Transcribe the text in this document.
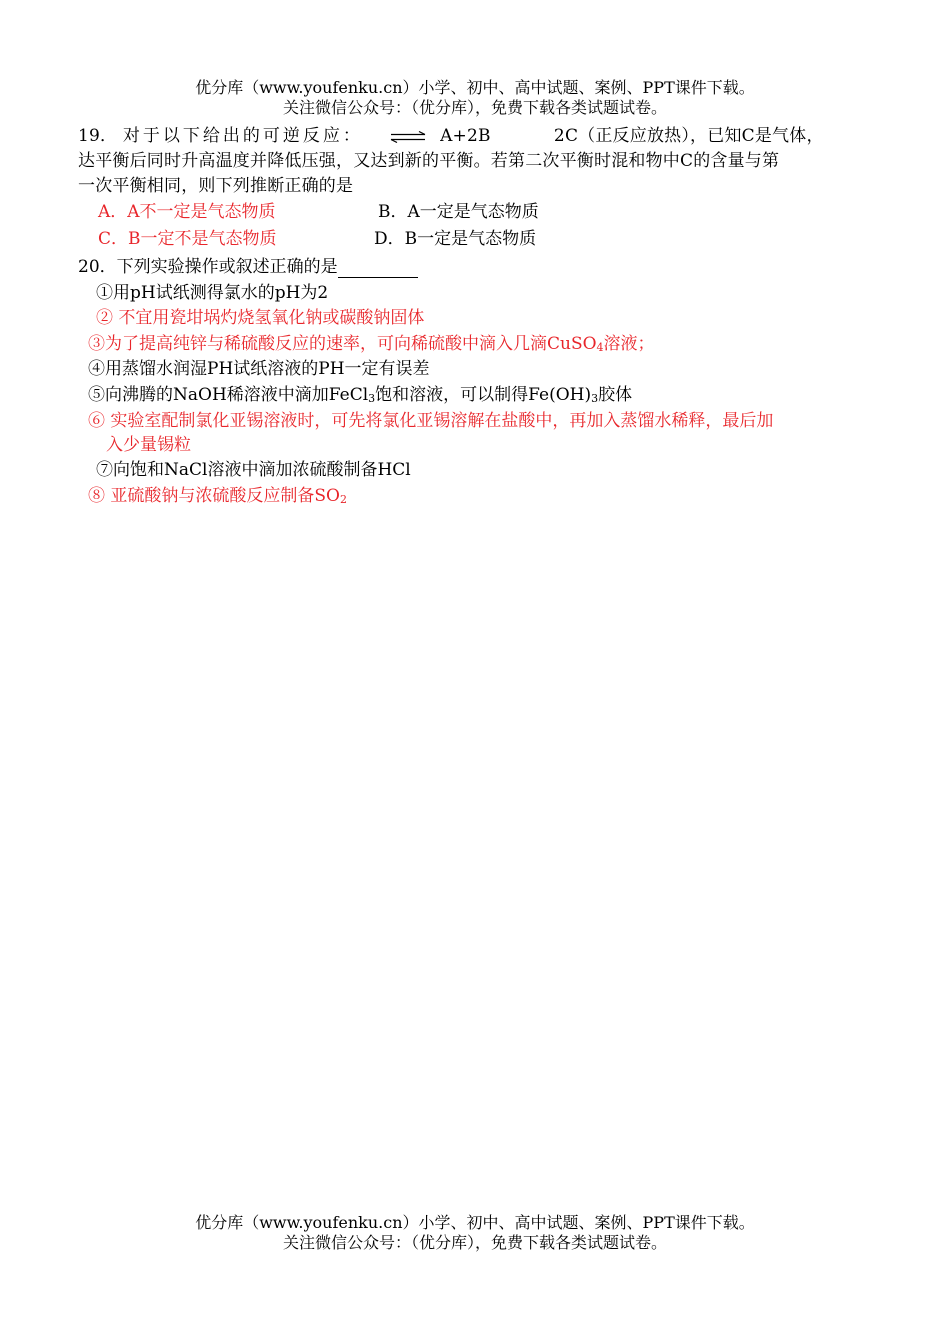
优分库（www.youfenku.cn）小学、初中、高中试题、案例、PPT课件下载。
关注微信公众号：（优分库），免费下载各类试题试卷。
19． 对于以下给出的可逆反应： ⇌ A+2B	2C（正反应放热），已知C是气体，
达平衡后同时升高温度并降低压强，又达到新的平衡。若第二次平衡时混和物中C的含量与第
一次平衡相同，则下列推断正确的是
A．A不一定是气态物质	B．A一定是气态物质
C．B一定不是气态物质	D．B一定是气态物质
20．下列实验操作或叙述正确的是
①用pH试纸测得氯水的pH为2
② 不宜用瓷坩埚灼烧氢氧化钠或碳酸钠固体
③为了提高纯锌与稀硫酸反应的速率，可向稀硫酸中滴入几滴CuSO$_4$溶液；
④用蒸馏水润湿PH试纸溶液的PH一定有误差
⑤向沸腾的NaOH稀溶液中滴加FeCl$_3$饱和溶液，可以制得$Fe(OH)_3$胶体
⑥ 实验室配制氯化亚锡溶液时，可先将氯化亚锡溶解在盐酸中，再加入蒸馏水稀释，最后加
入少量锡粒
⑦向饱和NaCl溶液中滴加浓硫酸制备HCl
⑧ 亚硫酸钠与浓硫酸反应制备$SO_2$
优分库（www.youfenku.cn）小学、初中、高中试题、案例、PPT课件下载。
关注微信公众号：（优分库），免费下载各类试题试卷。
